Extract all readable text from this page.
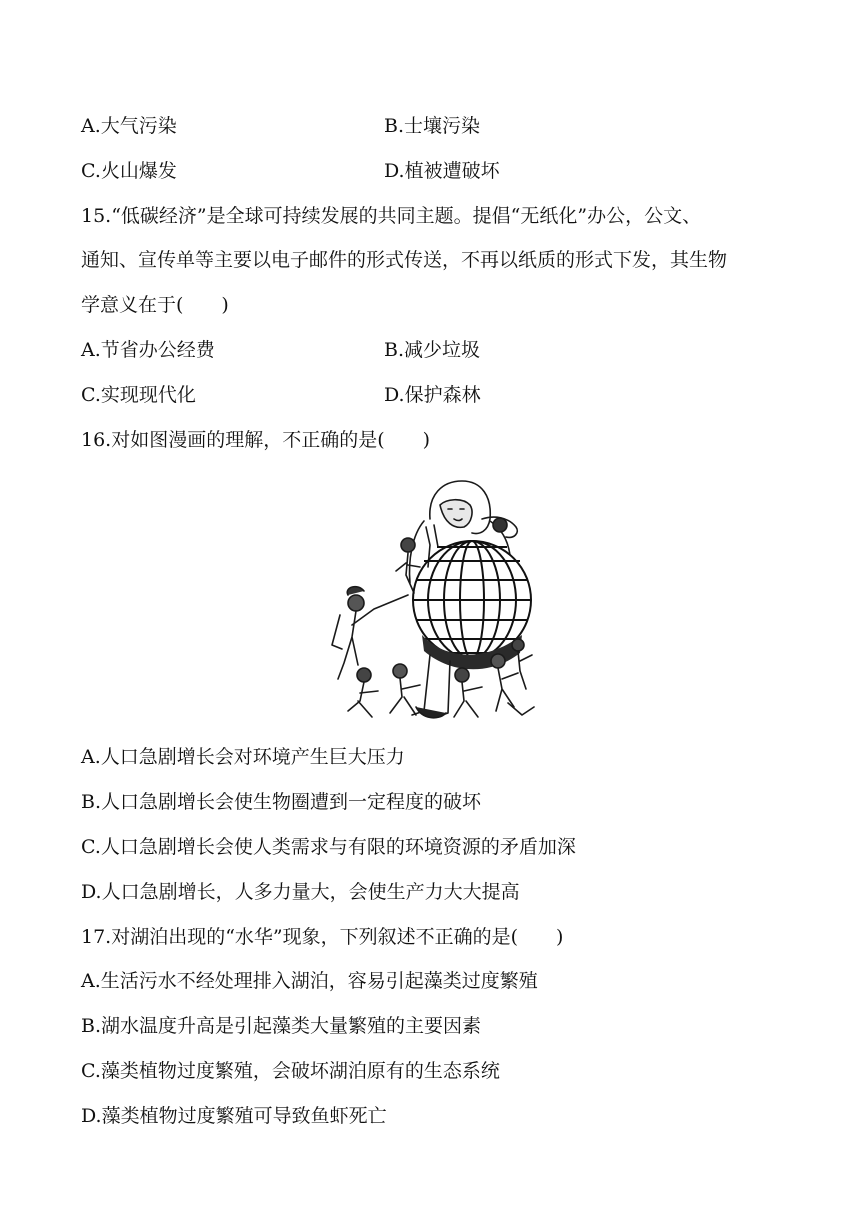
A.大气污染	B.士壤污染
C.火山爆发	D.植被遭破坏
15.“低碳经济”是全球可持续发展的共同主题。提倡“无纸化”办公，公文、
通知、宣传单等主要以电子邮件的形式传送，不再以纸质的形式下发，其生物
学意义在于(　　)
A.节省办公经费	B.减少垃圾
C.实现现代化	D.保护森林
16.对如图漫画的理解，不正确的是(　　)
A.人口急剧增长会对环境产生巨大压力
B.人口急剧增长会使生物圈遭到一定程度的破坏
C.人口急剧增长会使人类需求与有限的环境资源的矛盾加深
D.人口急剧增长，人多力量大，会使生产力大大提高
17.对湖泊出现的“水华”现象，下列叙述不正确的是(　　)
A.生活污水不经处理排入湖泊，容易引起藻类过度繁殖
B.湖水温度升高是引起藻类大量繁殖的主要因素
C.藻类植物过度繁殖，会破坏湖泊原有的生态系统
D.藻类植物过度繁殖可导致鱼虾死亡
